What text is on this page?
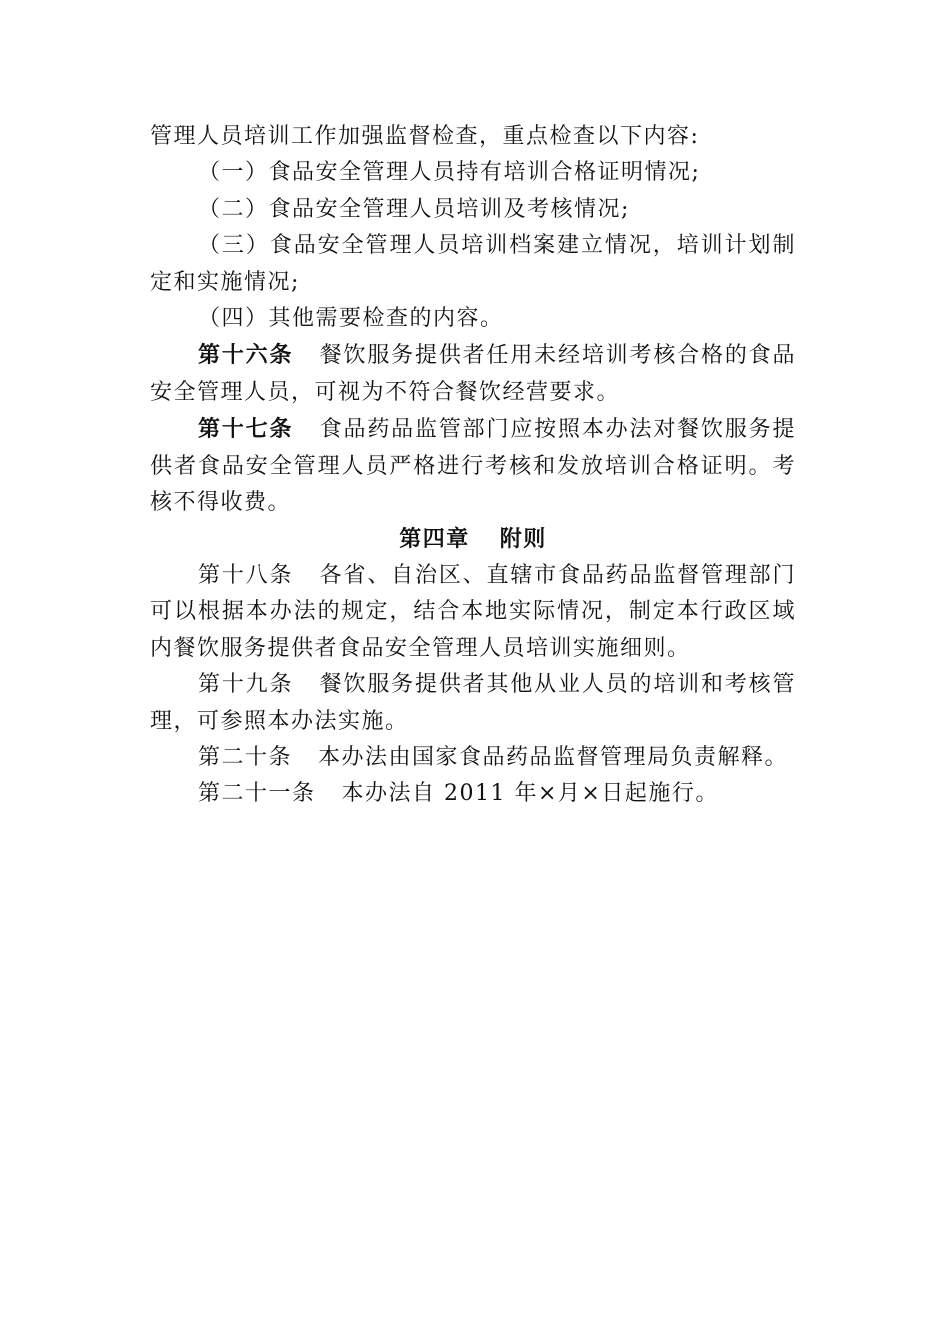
管理人员培训工作加强监督检查，重点检查以下内容:

（一）食品安全管理人员持有培训合格证明情况;

（二）食品安全管理人员培训及考核情况;

（三）食品安全管理人员培训档案建立情况，培训计划制定和实施情况;

（四）其他需要检查的内容。

第十六条 餐饮服务提供者任用未经培训考核合格的食品安全管理人员，可视为不符合餐饮经营要求。

第十七条 食品药品监管部门应按照本办法对餐饮服务提供者食品安全管理人员严格进行考核和发放培训合格证明。考核不得收费。

第四章 附则

第十八条 各省、自治区、直辖市食品药品监督管理部门可以根据本办法的规定，结合本地实际情况，制定本行政区域内餐饮服务提供者食品安全管理人员培训实施细则。

第十九条 餐饮服务提供者其他从业人员的培训和考核管理，可参照本办法实施。

第二十条 本办法由国家食品药品监督管理局负责解释。

第二十一条 本办法自 2011 年×月×日起施行。
